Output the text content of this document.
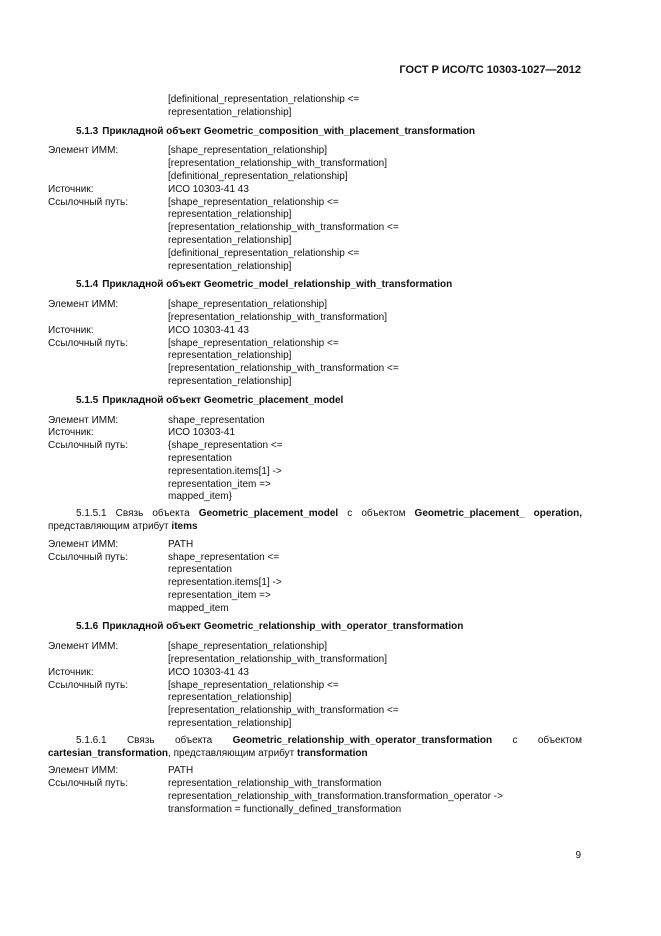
ГОСТ Р ИСО/ТС 10303-1027—2012
[definitional_representation_relationship <=
representation_relationship]
5.1.3 Прикладной объект Geometric_composition_with_placement_transformation
Элемент ИММ:	[shape_representation_relationship]
[representation_relationship_with_transformation]
[definitional_representation_relationship]
Источник:	ИСО 10303-41 43
Ссылочный путь:	[shape_representation_relationship <=
representation_relationship]
[representation_relationship_with_transformation <=
representation_relationship]
[definitional_representation_relationship <=
representation_relationship]
5.1.4 Прикладной объект Geometric_model_relationship_with_transformation
Элемент ИММ:	[shape_representation_relationship]
[representation_relationship_with_transformation]
Источник:	ИСО 10303-41 43
Ссылочный путь:	[shape_representation_relationship <=
representation_relationship]
[representation_relationship_with_transformation <=
representation_relationship]
5.1.5 Прикладной объект Geometric_placement_model
Элемент ИММ:	shape_representation
Источник:	ИСО 10303-41
Ссылочный путь:	{shape_representation <=
representation
representation.items[1] ->
representation_item =>
mapped_item}
5.1.5.1 Связь объекта Geometric_placement_model с объектом Geometric_placement_ operation, представляющим атрибут items
Элемент ИММ:	PATH
Ссылочный путь:	shape_representation <=
representation
representation.items[1] ->
representation_item =>
mapped_item
5.1.6 Прикладной объект Geometric_relationship_with_operator_transformation
Элемент ИММ:	[shape_representation_relationship]
[representation_relationship_with_transformation]
Источник:	ИСО 10303-41 43
Ссылочный путь:	[shape_representation_relationship <=
representation_relationship]
[representation_relationship_with_transformation <=
representation_relationship]
5.1.6.1 Связь объекта Geometric_relationship_with_operator_transformation с объектом cartesian_transformation, представляющим атрибут transformation
Элемент ИММ:	PATH
Ссылочный путь:	representation_relationship_with_transformation
representation_relationship_with_transformation.transformation_operator ->
transformation = functionally_defined_transformation
9
